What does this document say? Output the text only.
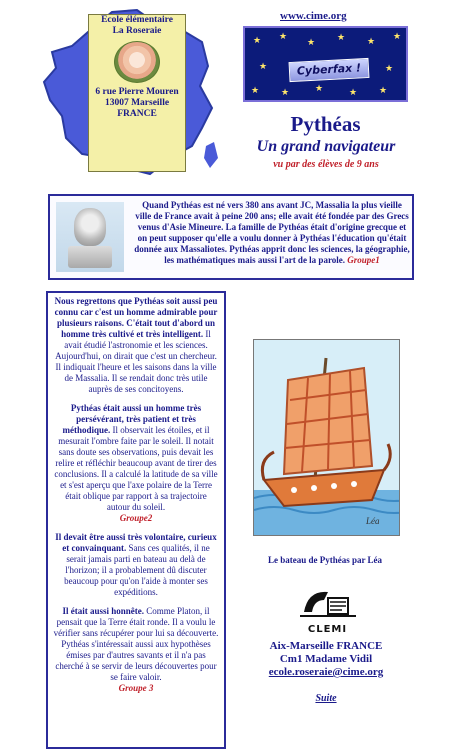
Ecole élémentaire
La Roseraie
6 rue Pierre Mouren
13007 Marseille
FRANCE
www.cime.org
★ ★
★ ★ ★ ★
★	★
★ ★	★	★ ★
Cyberfax !
Pythéas
Un grand navigateur
vu par des élèves de 9 ans
Quand Pythéas est né vers 380 ans avant JC, Massalia la plus vieille ville de France avait à peine 200 ans; elle avait été fondée par des Grecs venus d'Asie Mineure. La famille de Pythéas était d'origine grecque et on peut supposer qu'elle a voulu donner à Pythéas l'éducation qu'était donnée aux Massaliotes. Pythéas apprit donc les sciences, la géographie, les mathématiques mais aussi l'art de la parole. Groupe1

Nous regrettons que Pythéas soit aussi peu connu car c'est un homme admirable pour plusieurs raisons. C'était tout d'abord un homme très cultivé et très intelligent. Il avait étudié l'astronomie et les sciences. Aujourd'hui, on dirait que c'est un chercheur. Il indiquait l'heure et les saisons dans la ville de Massalia. Il se rendait donc très utile auprès de ses concitoyens.

Pythéas était aussi un homme très persévérant, très patient et très méthodique. Il observait les étoiles, et il mesurait l'ombre faite par le soleil. Il notait sans doute ses observations, puis devait les relire et réfléchir beaucoup avant de tirer des conclusions. Il a calculé la latitude de sa ville et s'est aperçu que l'axe polaire de la Terre était oblique par rapport à sa trajectoire autour du soleil.
Groupe2

Il devait être aussi très volontaire, curieux et convainquant. Sans ces qualités, il ne serait jamais parti en bateau au delà de l'horizon; il a probablement dû discuter beaucoup pour qu'on l'aide à monter ses expéditions.

Il était aussi honnête. Comme Platon, il pensait que la Terre était ronde. Il a voulu le vérifier sans récupérer pour lui sa découverte. Pythéas s'intéressait aussi aux hypothèses émises par d'autres savants et il n'a pas cherché à se servir de leurs découvertes pour se faire valoir.
Groupe 3

Léa
Le bateau de Pythéas par Léa
CLEMI
Aix-Marseille FRANCE
Cm1 Madame Vidil
ecole.roseraie@cime.org
Suite
